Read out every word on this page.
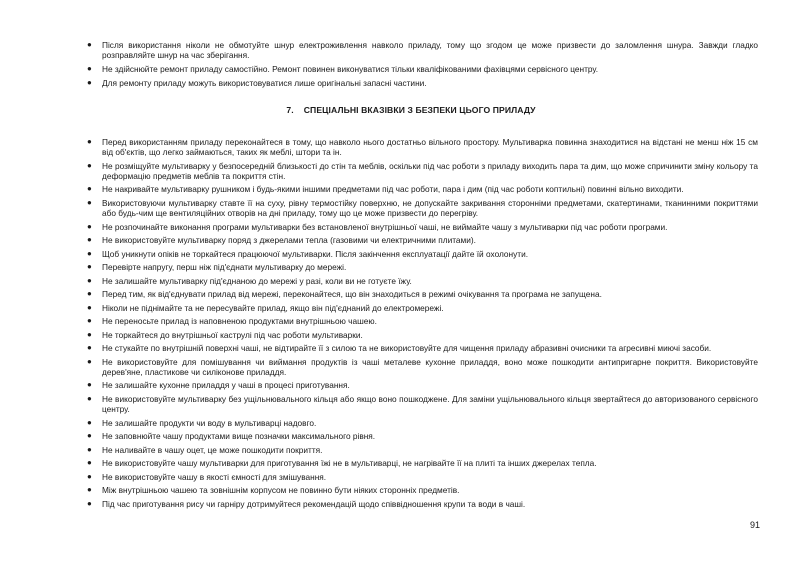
● Після використання ніколи не обмотуйте шнур електроживлення навколо приладу, тому що згодом це може призвести до заломлення шнура. Завжди гладко розправляйте шнур на час зберігання.
● Не здійснюйте ремонт приладу самостійно. Ремонт повинен виконуватися тільки кваліфікованими фахівцями сервісного центру.
● Для ремонту приладу можуть використовуватися лише оригінальні запасні частини.
7. СПЕЦІАЛЬНІ ВКАЗІВКИ З БЕЗПЕКИ ЦЬОГО ПРИЛАДУ
● Перед використанням приладу переконайтеся в тому, що навколо нього достатньо вільного простору. Мультиварка повинна знаходитися на відстані не менш ніж 15 см від об'єктів, що легко займаються, таких як меблі, штори та ін.
● Не розміщуйте мультиварку у безпосередній близькості до стін та меблів, оскільки під час роботи з приладу виходить пара та дим, що може спричинити зміну кольору та деформацію предметів меблів та покриття стін.
● Не накривайте мультиварку рушником і будь-якими іншими предметами під час роботи, пара і дим (під час роботи коптильні) повинні вільно виходити.
● Використовуючи мультиварку ставте її на суху, рівну термостійку поверхню, не допускайте закривання сторонніми предметами, скатертинами, тканинними покриттями або будь-чим ще вентиляційних отворів на дні приладу, тому що це може призвести до перегріву.
● Не розпочинайте виконання програми мультиварки без встановленої внутрішньої чаші, не виймайте чашу з мультиварки під час роботи програми.
● Не використовуйте мультиварку поряд з джерелами тепла (газовими чи електричними плитами).
● Щоб уникнути опіків не торкайтеся працюючої мультиварки. Після закінчення експлуатації дайте їй охолонути.
● Перевірте напругу, перш ніж під'єднати мультиварку до мережі.
● Не залишайте мультиварку під'єднаною до мережі у разі, коли ви не готуєте їжу.
● Перед тим, як від'єднувати прилад від мережі, переконайтеся, що він знаходиться в режимі очікування та програма не запущена.
● Ніколи не піднімайте та не пересувайте прилад, якщо він під'єднаний до електромережі.
● Не переносьте прилад із наповненою продуктами внутрішньою чашею.
● Не торкайтеся до внутрішньої каструлі під час роботи мультиварки.
● Не стукайте по внутрішній поверхні чаші, не відтирайте її з силою та не використовуйте для чищення приладу абразивні очисники та агресивні миючі засоби.
● Не використовуйте для помішування чи виймання продуктів із чаші металеве кухонне приладдя, воно може пошкодити антипригарне покриття. Використовуйте дерев'яне, пластикове чи силіконове приладдя.
● Не залишайте кухонне приладдя у чаші в процесі приготування.
● Не використовуйте мультиварку без ущільнювального кільця або якщо воно пошкоджене. Для заміни ущільнювального кільця звертайтеся до авторизованого сервісного центру.
● Не залишайте продукти чи воду в мультиварці надовго.
● Не заповнюйте чашу продуктами вище позначки максимального рівня.
● Не наливайте в чашу оцет, це може пошкодити покриття.
● Не використовуйте чашу мультиварки для приготування їжі не в мультиварці, не нагрівайте її на плиті та інших джерелах тепла.
● Не використовуйте чашу в якості ємності для змішування.
● Між внутрішньою чашею та зовнішнім корпусом не повинно бути ніяких сторонніх предметів.
● Під час приготування рису чи гарніру дотримуйтеся рекомендацій щодо співвідношення крупи та води в чаші.
91
